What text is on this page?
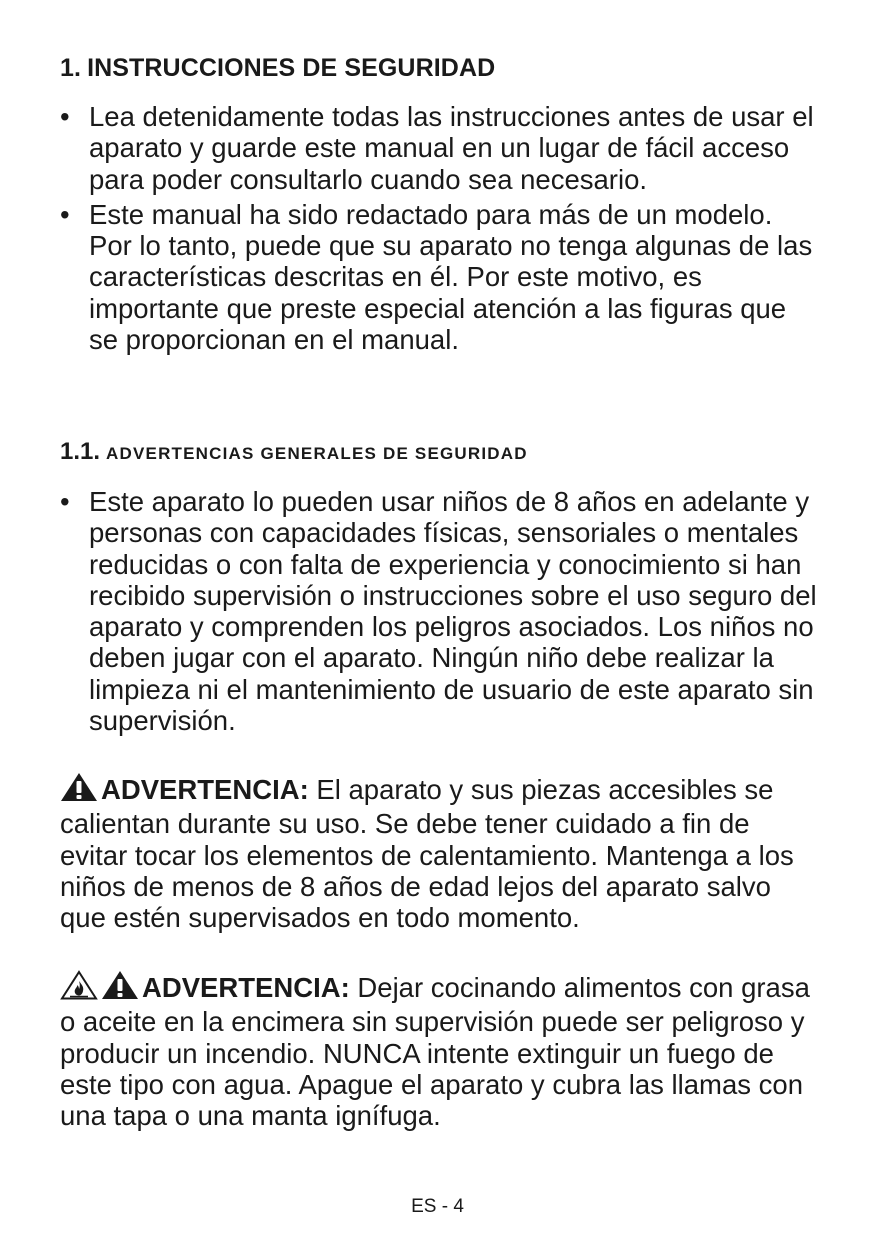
1. INSTRUCCIONES DE SEGURIDAD
• Lea detenidamente todas las instrucciones antes de usar el aparato y guarde este manual en un lugar de fácil acceso para poder consultarlo cuando sea necesario.
• Este manual ha sido redactado para más de un modelo. Por lo tanto, puede que su aparato no tenga algunas de las características descritas en él. Por este motivo, es importante que preste especial atención a las figuras que se proporcionan en el manual.
1.1. ADVERTENCIAS GENERALES DE SEGURIDAD
• Este aparato lo pueden usar niños de 8 años en adelante y personas con capacidades físicas, sensoriales o mentales reducidas o con falta de experiencia y conocimiento si han recibido supervisión o instrucciones sobre el uso seguro del aparato y comprenden los peligros asociados. Los niños no deben jugar con el aparato. Ningún niño debe realizar la limpieza ni el mantenimiento de usuario de este aparato sin supervisión.
ADVERTENCIA: El aparato y sus piezas accesibles se calientan durante su uso. Se debe tener cuidado a fin de evitar tocar los elementos de calentamiento. Mantenga a los niños de menos de 8 años de edad lejos del aparato salvo que estén supervisados en todo momento.
ADVERTENCIA: Dejar cocinando alimentos con grasa o aceite en la encimera sin supervisión puede ser peligroso y producir un incendio. NUNCA intente extinguir un fuego de este tipo con agua. Apague el aparato y cubra las llamas con una tapa o una manta ignífuga.
ES - 4
